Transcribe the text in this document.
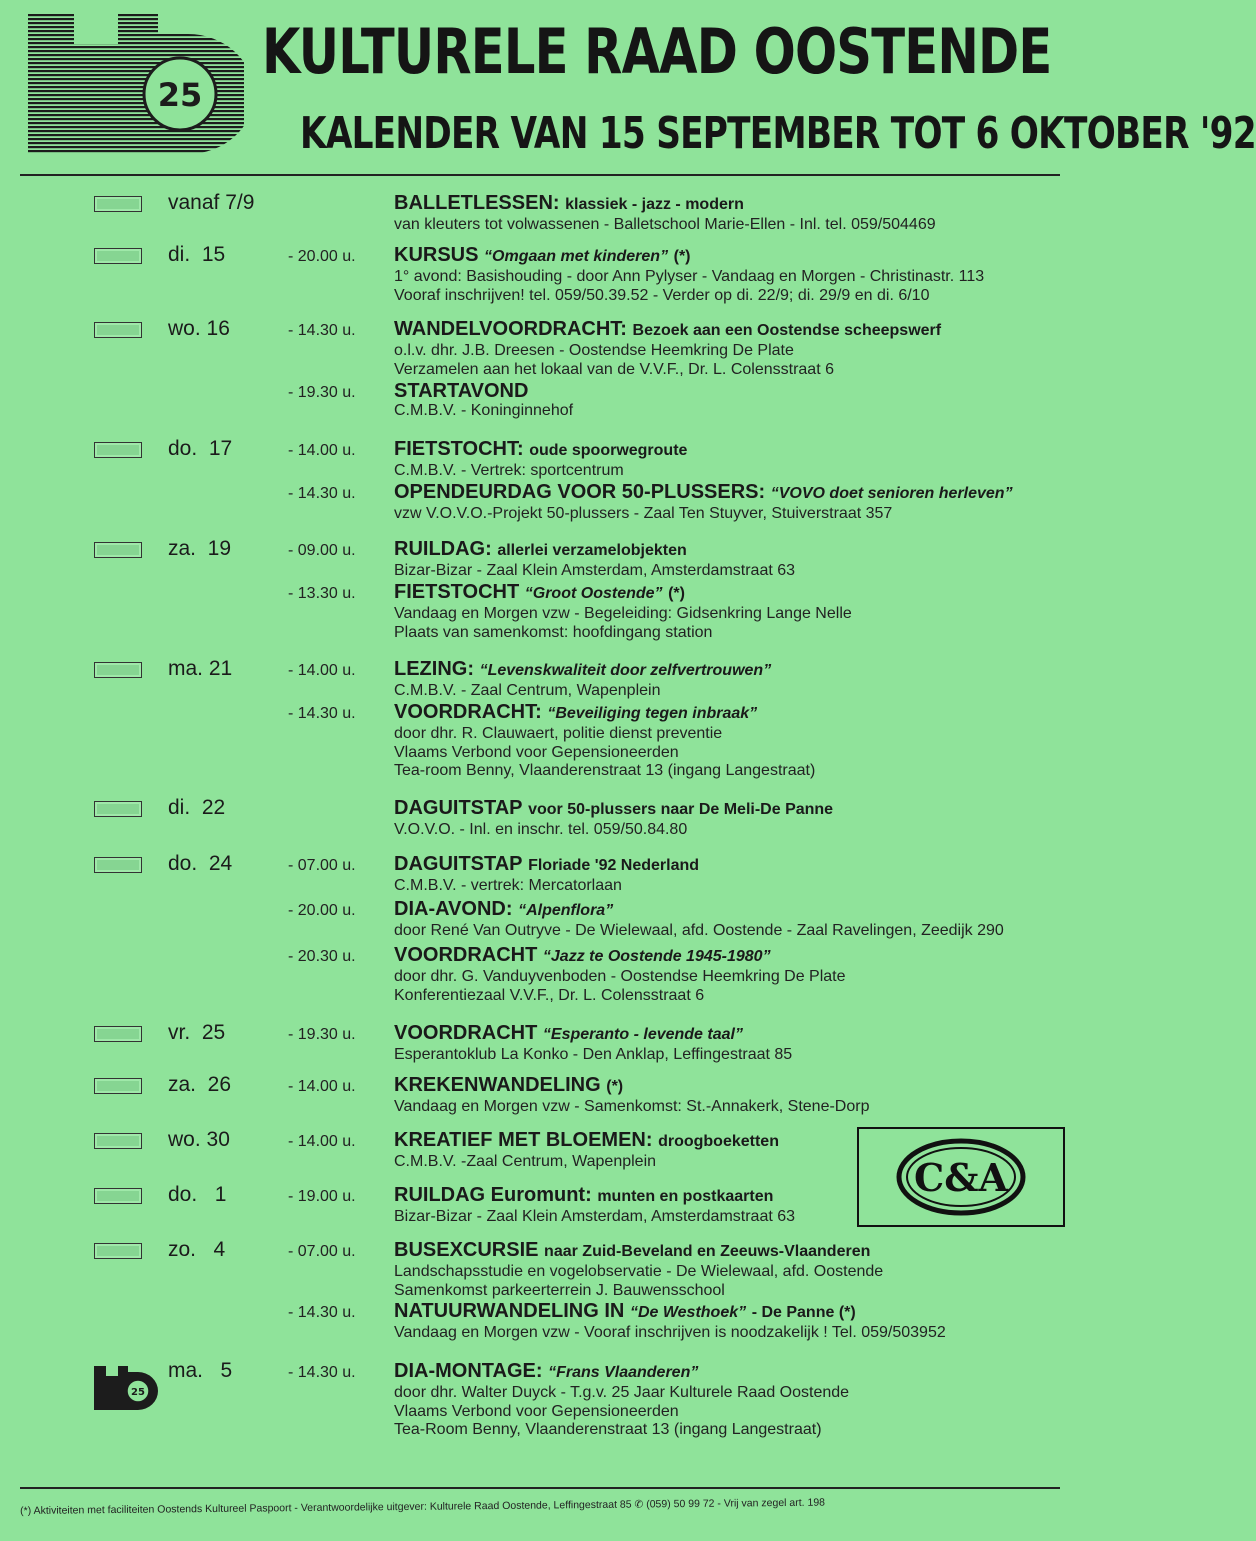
25
KULTURELE RAAD OOSTENDE
KALENDER VAN 15 SEPTEMBER TOT 6 OKTOBER '92
vanaf 7/9	BALLETLESSEN: klassiek - jazz - modern
van kleuters tot volwassenen - Balletschool Marie-Ellen - Inl. tel. 059/504469
di.  15	- 20.00 u. KURSUS “Omgaan met kinderen” (*)
1° avond: Basishouding - door Ann Pylyser - Vandaag en Morgen - Christinastr. 113
Vooraf inschrijven! tel. 059/50.39.52 - Verder op di. 22/9; di. 29/9 en di. 6/10
wo. 16	- 14.30 u. WANDELVOORDRACHT: Bezoek aan een Oostendse scheepswerf
o.l.v. dhr. J.B. Dreesen - Oostendse Heemkring De Plate
Verzamelen aan het lokaal van de V.V.F., Dr. L. Colensstraat 6
- 19.30 u. STARTAVOND
C.M.B.V. - Koninginnehof
do.  17	- 14.00 u. FIETSTOCHT: oude spoorwegroute
C.M.B.V. - Vertrek: sportcentrum
- 14.30 u. OPENDEURDAG VOOR 50-PLUSSERS: “VOVO doet senioren herleven”
vzw V.O.V.O.-Projekt 50-plussers - Zaal Ten Stuyver, Stuiverstraat 357
za.  19	- 09.00 u. RUILDAG: allerlei verzamelobjekten
Bizar-Bizar - Zaal Klein Amsterdam, Amsterdamstraat 63
- 13.30 u. FIETSTOCHT “Groot Oostende” (*)
Vandaag en Morgen vzw - Begeleiding: Gidsenkring Lange Nelle
Plaats van samenkomst: hoofdingang station
ma. 21	- 14.00 u. LEZING: “Levenskwaliteit door zelfvertrouwen”
C.M.B.V. - Zaal Centrum, Wapenplein
- 14.30 u. VOORDRACHT: “Beveiliging tegen inbraak”
door dhr. R. Clauwaert, politie dienst preventie
Vlaams Verbond voor Gepensioneerden
Tea-room Benny, Vlaanderenstraat 13 (ingang Langestraat)
di.  22	DAGUITSTAP voor 50-plussers naar De Meli-De Panne
V.O.V.O. - Inl. en inschr. tel. 059/50.84.80
do.  24	- 07.00 u. DAGUITSTAP Floriade '92 Nederland
C.M.B.V. - vertrek: Mercatorlaan
- 20.00 u. DIA-AVOND: “Alpenflora”
door René Van Outryve - De Wielewaal, afd. Oostende - Zaal Ravelingen, Zeedijk 290
- 20.30 u. VOORDRACHT “Jazz te Oostende 1945-1980”
door dhr. G. Vanduyvenboden - Oostendse Heemkring De Plate
Konferentiezaal V.V.F., Dr. L. Colensstraat 6
vr.  25	- 19.30 u. VOORDRACHT “Esperanto - levende taal”
Esperantoklub La Konko - Den Anklap, Leffingestraat 85
za.  26	- 14.00 u. KREKENWANDELING (*)
Vandaag en Morgen vzw - Samenkomst: St.-Annakerk, Stene-Dorp
wo. 30	- 14.00 u. KREATIEF MET BLOEMEN: droogboeketten
C.M.B.V. -Zaal Centrum, Wapenplein
do.   1	- 19.00 u. RUILDAG Euromunt: munten en postkaarten
Bizar-Bizar - Zaal Klein Amsterdam, Amsterdamstraat 63
zo.   4	- 07.00 u. BUSEXCURSIE naar Zuid-Beveland en Zeeuws-Vlaanderen
Landschapsstudie en vogelobservatie - De Wielewaal, afd. Oostende
Samenkomst parkeerterrein J. Bauwensschool
- 14.30 u. NATUURWANDELING IN “De Westhoek” - De Panne (*)
Vandaag en Morgen vzw - Vooraf inschrijven is noodzakelijk ! Tel. 059/503952
ma.   5	- 14.30 u. DIA-MONTAGE: “Frans Vlaanderen”
door dhr. Walter Duyck - T.g.v. 25 Jaar Kulturele Raad Oostende
Vlaams Verbond voor Gepensioneerden
Tea-Room Benny, Vlaanderenstraat 13 (ingang Langestraat)
C&A
25
(*) Aktiviteiten met faciliteiten Oostends Kultureel Paspoort - Verantwoordelijke uitgever: Kulturele Raad Oostende, Leffingestraat 85 ✆ (059) 50 99 72 - Vrij van zegel art. 198
